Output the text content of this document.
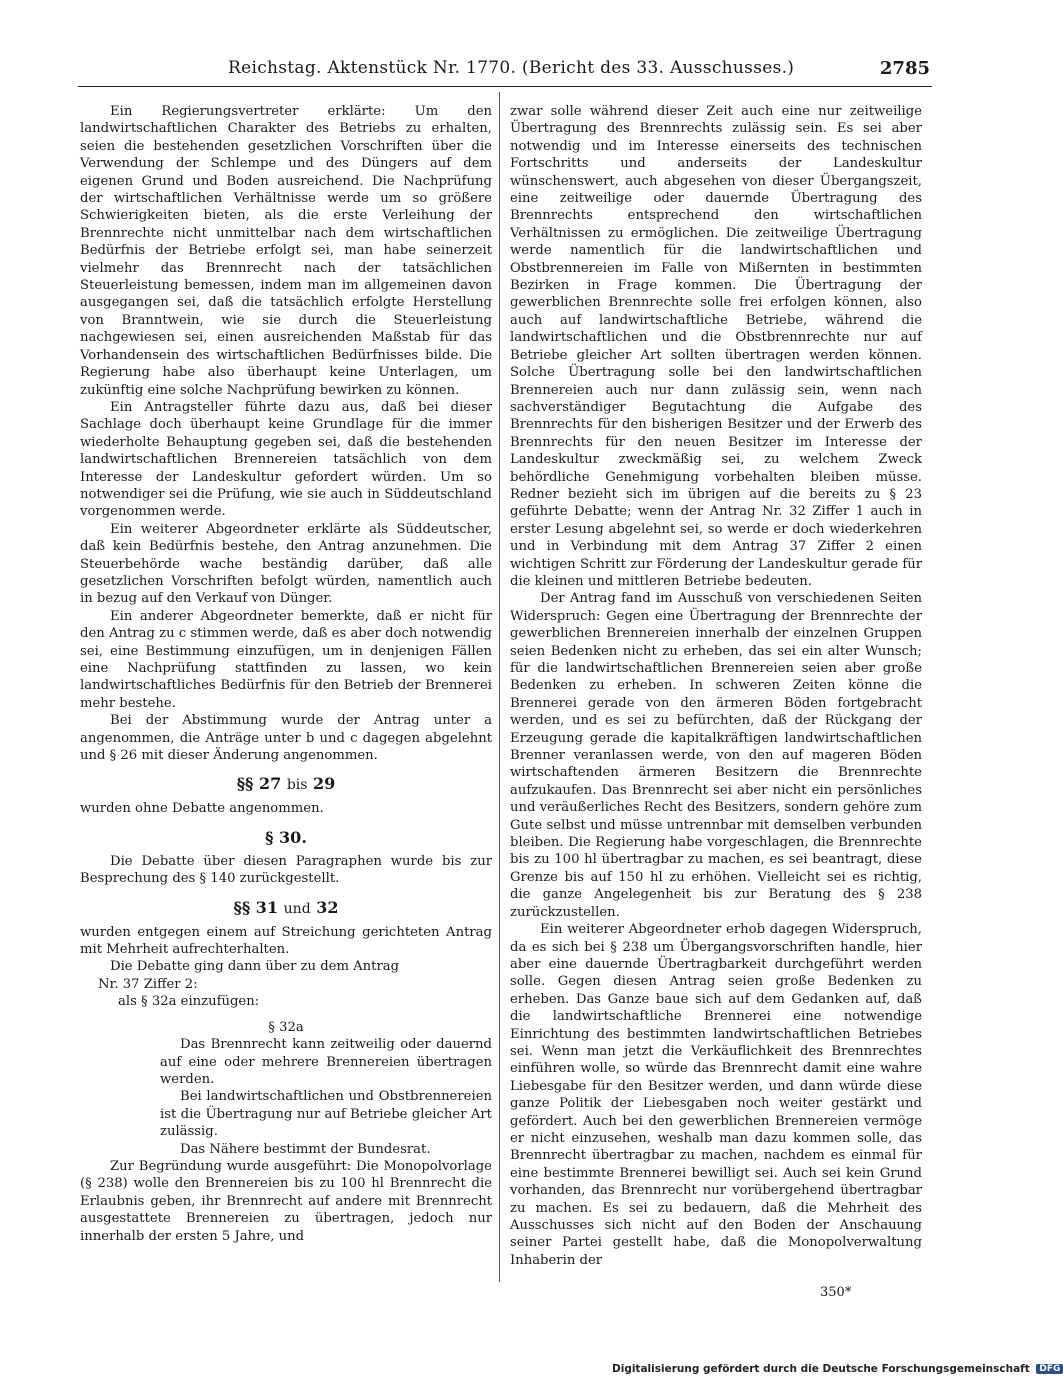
Reichstag. Aktenstück Nr. 1770. (Bericht des 33. Ausschusses.)	2785

Ein Regierungsvertreter erklärte: Um den landwirtschaftlichen Charakter des Betriebs zu erhalten, seien die bestehenden gesetzlichen Vorschriften über die Verwendung der Schlempe und des Düngers auf dem eigenen Grund und Boden ausreichend. Die Nachprüfung der wirtschaftlichen Verhältnisse werde um so größere Schwierigkeiten bieten, als die erste Verleihung der Brennrechte nicht unmittelbar nach dem wirtschaftlichen Bedürfnis der Betriebe erfolgt sei, man habe seinerzeit vielmehr das Brennrecht nach der tatsächlichen Steuerleistung bemessen, indem man im allgemeinen davon ausgegangen sei, daß die tatsächlich erfolgte Herstellung von Branntwein, wie sie durch die Steuerleistung nachgewiesen sei, einen ausreichenden Maßstab für das Vorhandensein des wirtschaftlichen Bedürfnisses bilde. Die Regierung habe also überhaupt keine Unterlagen, um zukünftig eine solche Nachprüfung bewirken zu können.

Ein Antragsteller führte dazu aus, daß bei dieser Sachlage doch überhaupt keine Grundlage für die immer wiederholte Behauptung gegeben sei, daß die bestehenden landwirtschaftlichen Brennereien tatsächlich von dem Interesse der Landeskultur gefordert würden. Um so notwendiger sei die Prüfung, wie sie auch in Süddeutschland vorgenommen werde.

Ein weiterer Abgeordneter erklärte als Süddeutscher, daß kein Bedürfnis bestehe, den Antrag anzunehmen. Die Steuerbehörde wache beständig darüber, daß alle gesetzlichen Vorschriften befolgt würden, namentlich auch in bezug auf den Verkauf von Dünger.

Ein anderer Abgeordneter bemerkte, daß er nicht für den Antrag zu c stimmen werde, daß es aber doch notwendig sei, eine Bestimmung einzufügen, um in denjenigen Fällen eine Nachprüfung stattfinden zu lassen, wo kein landwirtschaftliches Bedürfnis für den Betrieb der Brennerei mehr bestehe.

Bei der Abstimmung wurde der Antrag unter a angenommen, die Anträge unter b und c dagegen abgelehnt und § 26 mit dieser Änderung angenommen.

§§ 27 bis 29

wurden ohne Debatte angenommen.

§ 30.

Die Debatte über diesen Paragraphen wurde bis zur Besprechung des § 140 zurückgestellt.

§§ 31 und 32

wurden entgegen einem auf Streichung gerichteten Antrag mit Mehrheit aufrechterhalten.

Die Debatte ging dann über zu dem Antrag

Nr. 37 Ziffer 2:

als § 32a einzufügen:

§ 32a

Das Brennrecht kann zeitweilig oder dauernd auf eine oder mehrere Brennereien übertragen werden.

Bei landwirtschaftlichen und Obstbrennereien ist die Übertragung nur auf Betriebe gleicher Art zulässig.

Das Nähere bestimmt der Bundesrat.

Zur Begründung wurde ausgeführt: Die Monopolvorlage (§ 238) wolle den Brennereien bis zu 100 hl Brennrecht die Erlaubnis geben, ihr Brennrecht auf andere mit Brennrecht ausgestattete Brennereien zu übertragen, jedoch nur innerhalb der ersten 5 Jahre, und

zwar solle während dieser Zeit auch eine nur zeitweilige Übertragung des Brennrechts zulässig sein. Es sei aber notwendig und im Interesse einerseits des technischen Fortschritts und anderseits der Landeskultur wünschenswert, auch abgesehen von dieser Übergangszeit, eine zeitweilige oder dauernde Übertragung des Brennrechts entsprechend den wirtschaftlichen Verhältnissen zu ermöglichen. Die zeitweilige Übertragung werde namentlich für die landwirtschaftlichen und Obstbrennereien im Falle von Mißernten in bestimmten Bezirken in Frage kommen. Die Übertragung der gewerblichen Brennrechte solle frei erfolgen können, also auch auf landwirtschaftliche Betriebe, während die landwirtschaftlichen und die Obstbrennrechte nur auf Betriebe gleicher Art sollten übertragen werden können. Solche Übertragung solle bei den landwirtschaftlichen Brennereien auch nur dann zulässig sein, wenn nach sachverständiger Begutachtung die Aufgabe des Brennrechts für den bisherigen Besitzer und der Erwerb des Brennrechts für den neuen Besitzer im Interesse der Landeskultur zweckmäßig sei, zu welchem Zweck behördliche Genehmigung vorbehalten bleiben müsse. Redner bezieht sich im übrigen auf die bereits zu § 23 geführte Debatte; wenn der Antrag Nr. 32 Ziffer 1 auch in erster Lesung abgelehnt sei, so werde er doch wiederkehren und in Verbindung mit dem Antrag 37 Ziffer 2 einen wichtigen Schritt zur Förderung der Landeskultur gerade für die kleinen und mittleren Betriebe bedeuten.

Der Antrag fand im Ausschuß von verschiedenen Seiten Widerspruch: Gegen eine Übertragung der Brennrechte der gewerblichen Brennereien innerhalb der einzelnen Gruppen seien Bedenken nicht zu erheben, das sei ein alter Wunsch; für die landwirtschaftlichen Brennereien seien aber große Bedenken zu erheben. In schweren Zeiten könne die Brennerei gerade von den ärmeren Böden fortgebracht werden, und es sei zu befürchten, daß der Rückgang der Erzeugung gerade die kapitalkräftigen landwirtschaftlichen Brenner veranlassen werde, von den auf mageren Böden wirtschaftenden ärmeren Besitzern die Brennrechte aufzukaufen. Das Brennrecht sei aber nicht ein persönliches und veräußerliches Recht des Besitzers, sondern gehöre zum Gute selbst und müsse untrennbar mit demselben verbunden bleiben. Die Regierung habe vorgeschlagen, die Brennrechte bis zu 100 hl übertragbar zu machen, es sei beantragt, diese Grenze bis auf 150 hl zu erhöhen. Vielleicht sei es richtig, die ganze Angelegenheit bis zur Beratung des § 238 zurückzustellen.

Ein weiterer Abgeordneter erhob dagegen Widerspruch, da es sich bei § 238 um Übergangsvorschriften handle, hier aber eine dauernde Übertragbarkeit durchgeführt werden solle. Gegen diesen Antrag seien große Bedenken zu erheben. Das Ganze baue sich auf dem Gedanken auf, daß die landwirtschaftliche Brennerei eine notwendige Einrichtung des bestimmten landwirtschaftlichen Betriebes sei. Wenn man jetzt die Verkäuflichkeit des Brennrechtes einführen wolle, so würde das Brennrecht damit eine wahre Liebesgabe für den Besitzer werden, und dann würde diese ganze Politik der Liebesgaben noch weiter gestärkt und gefördert. Auch bei den gewerblichen Brennereien vermöge er nicht einzusehen, weshalb man dazu kommen solle, das Brennrecht übertragbar zu machen, nachdem es einmal für eine bestimmte Brennerei bewilligt sei. Auch sei kein Grund vorhanden, das Brennrecht nur vorübergehend übertragbar zu machen. Es sei zu bedauern, daß die Mehrheit des Ausschusses sich nicht auf den Boden der Anschauung seiner Partei gestellt habe, daß die Monopolverwaltung Inhaberin der

350*
Digitalisierung gefördert durch die Deutsche Forschungsgemeinschaft DFG
